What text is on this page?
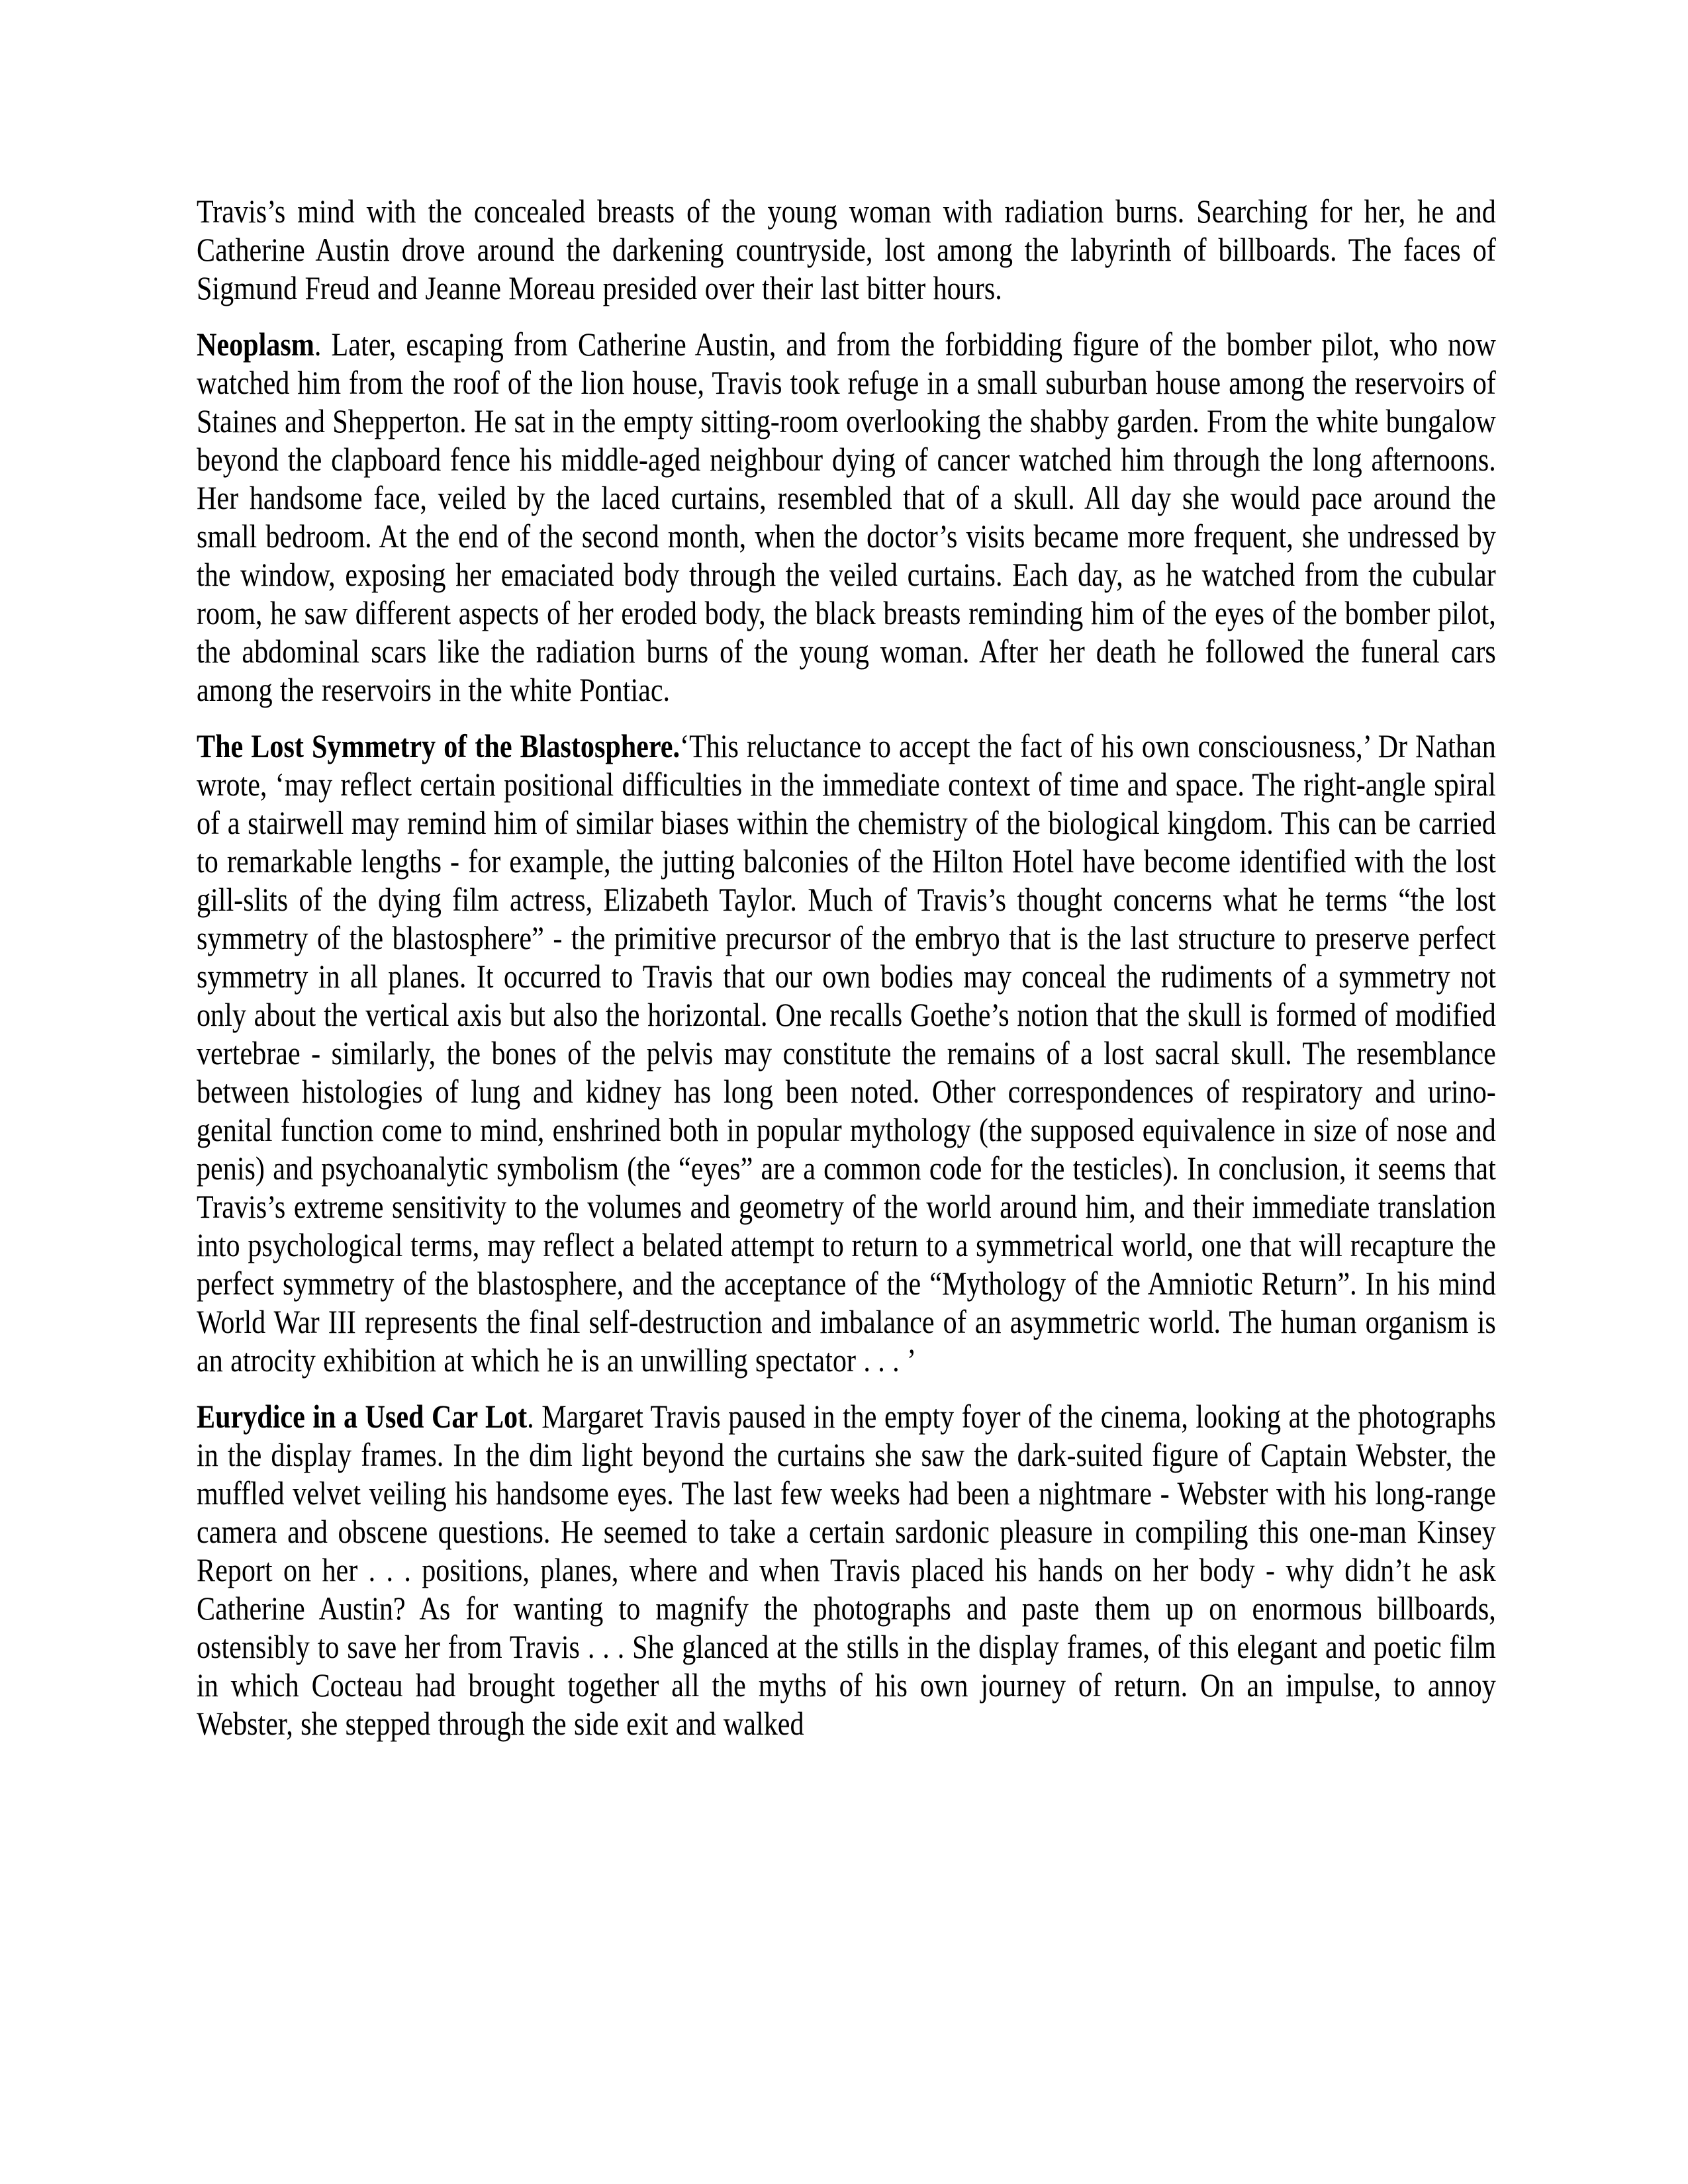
Travis’s mind with the concealed breasts of the young woman with radiation burns. Searching for her, he and Catherine Austin drove around the darkening countryside, lost among the labyrinth of billboards. The faces of Sigmund Freud and Jeanne Moreau presided over their last bitter hours.

Neoplasm. Later, escaping from Catherine Austin, and from the forbidding figure of the bomber pilot, who now watched him from the roof of the lion house, Travis took refuge in a small suburban house among the reservoirs of Staines and Shepperton. He sat in the empty sitting-room overlooking the shabby garden. From the white bungalow beyond the clapboard fence his middle-aged neighbour dying of cancer watched him through the long afternoons. Her handsome face, veiled by the laced curtains, resembled that of a skull. All day she would pace around the small bedroom. At the end of the second month, when the doctor’s visits became more frequent, she undressed by the window, exposing her emaciated body through the veiled curtains. Each day, as he watched from the cubular room, he saw different aspects of her eroded body, the black breasts reminding him of the eyes of the bomber pilot, the abdominal scars like the radiation burns of the young woman. After her death he followed the funeral cars among the reservoirs in the white Pontiac.

The Lost Symmetry of the Blastosphere.‘This reluctance to accept the fact of his own consciousness,’ Dr Nathan wrote, ‘may reflect certain positional difficulties in the immediate context of time and space. The right-angle spiral of a stairwell may remind him of similar biases within the chemistry of the biological kingdom. This can be carried to remarkable lengths - for example, the jutting balconies of the Hilton Hotel have become identified with the lost gill-slits of the dying film actress, Elizabeth Taylor. Much of Travis’s thought concerns what he terms “the lost symmetry of the blastosphere” - the primitive precursor of the embryo that is the last structure to preserve perfect symmetry in all planes. It occurred to Travis that our own bodies may conceal the rudiments of a symmetry not only about the vertical axis but also the horizontal. One recalls Goethe’s notion that the skull is formed of modified vertebrae - similarly, the bones of the pelvis may constitute the remains of a lost sacral skull. The resemblance between histologies of lung and kidney has long been noted. Other correspondences of respiratory and urino-genital function come to mind, enshrined both in popular mythology (the supposed equivalence in size of nose and penis) and psychoanalytic symbolism (the “eyes” are a common code for the testicles). In conclusion, it seems that Travis’s extreme sensitivity to the volumes and geometry of the world around him, and their immediate translation into psychological terms, may reflect a belated attempt to return to a symmetrical world, one that will recapture the perfect symmetry of the blastosphere, and the acceptance of the “Mythology of the Amniotic Return”. In his mind World War III represents the final self-destruction and imbalance of an asymmetric world. The human organism is an atrocity exhibition at which he is an unwilling spectator . . . ’

Eurydice in a Used Car Lot. Margaret Travis paused in the empty foyer of the cinema, looking at the photographs in the display frames. In the dim light beyond the curtains she saw the dark-suited figure of Captain Webster, the muffled velvet veiling his handsome eyes. The last few weeks had been a nightmare - Webster with his long-range camera and obscene questions. He seemed to take a certain sardonic pleasure in compiling this one-man Kinsey Report on her . . . positions, planes, where and when Travis placed his hands on her body - why didn’t he ask Catherine Austin? As for wanting to magnify the photographs and paste them up on enormous billboards, ostensibly to save her from Travis . . . She glanced at the stills in the display frames, of this elegant and poetic film in which Cocteau had brought together all the myths of his own journey of return. On an impulse, to annoy Webster, she stepped through the side exit and walked
